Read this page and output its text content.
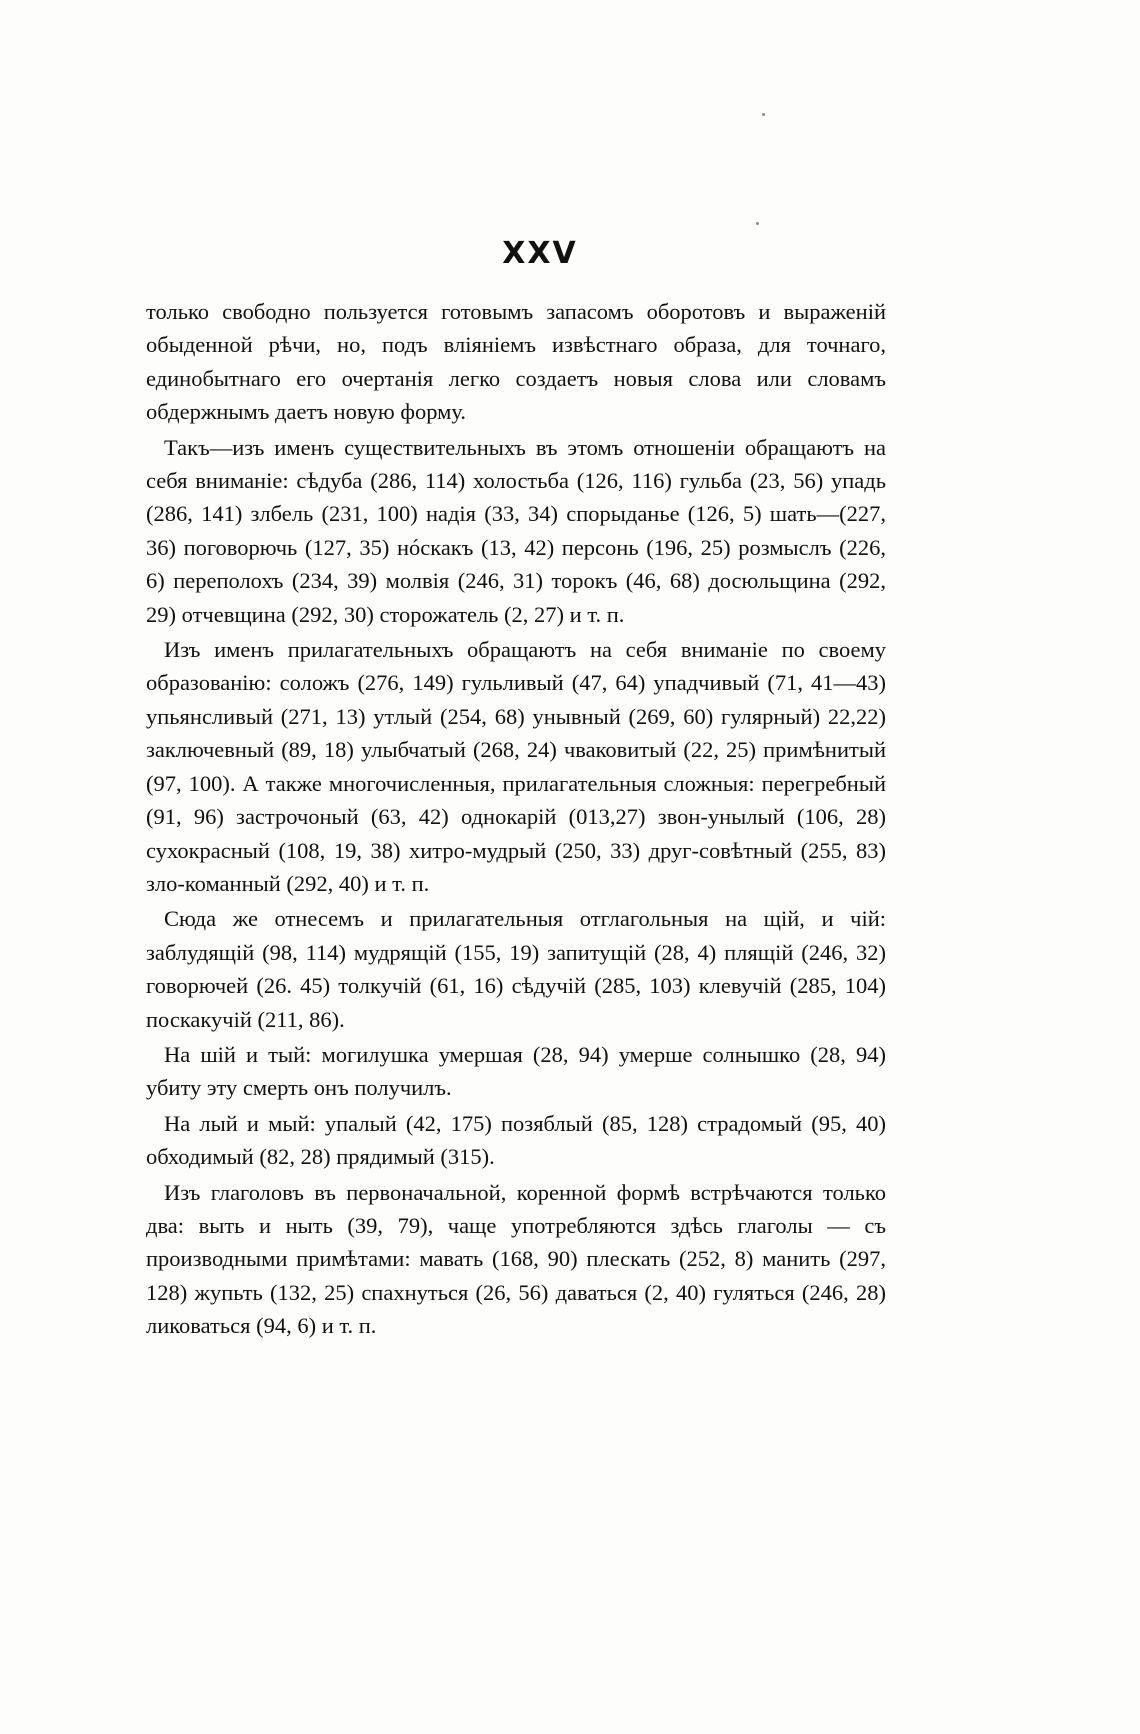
XXV

только свободно пользуется готовымъ запасомъ оборотовъ и выраженій обыденной рѣчи, но, подъ вліяніемъ извѣстнаго образа, для точнаго, единобытнаго его очертанія легко создаетъ новыя слова или словамъ обдержнымъ даетъ новую форму.

Такъ—изъ именъ существительныхъ въ этомъ отношеніи обращаютъ на себя вниманіе: сѣдуба (286, 114) холостьба (126, 116) гульба (23, 56) упадь (286, 141) злбель (231, 100) надія (33, 34) спорыданье (126, 5) шать—(227, 36) поговорючь (127, 35) нóскакъ (13, 42) персонь (196, 25) розмыслъ (226, 6) переполохъ (234, 39) молвія (246, 31) торокъ (46, 68) досюльщина (292, 29) отчевщина (292, 30) сторожатель (2, 27) и т. п.

Изъ именъ прилагательныхъ обращаютъ на себя вниманіе по своему образованію: соложъ (276, 149) гульливый (47, 64) упадчивый (71, 41—43) упьянсливый (271, 13) утлый (254, 68) унывный (269, 60) гулярный) 22,22) заключевный (89, 18) улыбчатый (268, 24) чваковитый (22, 25) примѣнитый (97, 100). А также многочисленныя, прилагательныя сложныя: перегребный (91, 96) застрочоный (63, 42) однокарій (013,27) звон-унылый (106, 28) сухокрасный (108, 19, 38) хитро-мудрый (250, 33) друг-совѣтный (255, 83) зло-команный (292, 40) и т. п.

Сюда же отнесемъ и прилагательныя отглагольныя на щій, и чій: заблудящій (98, 114) мудрящій (155, 19) запитущій (28, 4) плящій (246, 32) говорючей (26. 45) толкучій (61, 16) сѣдучій (285, 103) клевучій (285, 104) поскакучій (211, 86).

На шій и тый: могилушка умершая (28, 94) умерше солнышко (28, 94) убиту эту смерть онъ получилъ.

На лый и мый: упалый (42, 175) позяблый (85, 128) страдомый (95, 40) обходимый (82, 28) прядимый (315).

Изъ глаголовъ въ первоначальной, коренной формѣ встрѣчаются только два: выть и ныть (39, 79), чаще употребляются здѣсь глаголы — съ производными примѣтами: мавать (168, 90) плескать (252, 8) манить (297, 128) жупьть (132, 25) спахнуться (26, 56) даваться (2, 40) гуляться (246, 28) ликоваться (94, 6) и т. п.
